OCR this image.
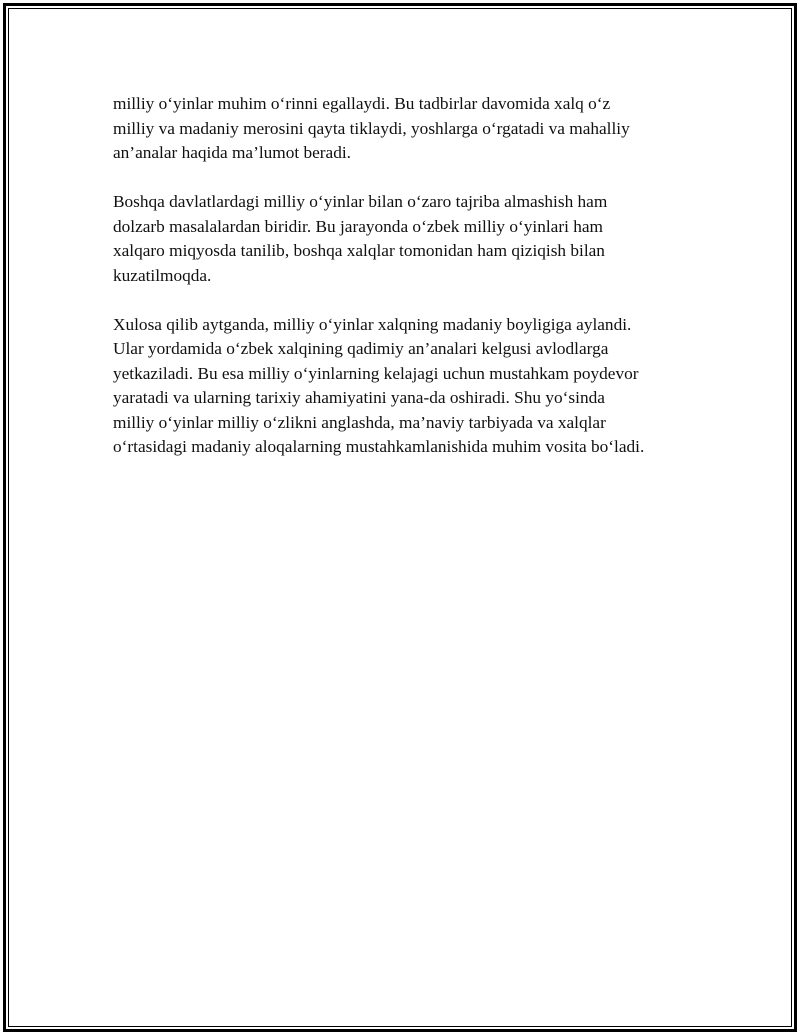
milliy oʻyinlar muhim oʻrinni egallaydi. Bu tadbirlar davomida xalq oʻz
milliy va madaniy merosini qayta tiklaydi, yoshlarga oʻrgatadi va mahalliy
an’analar haqida ma’lumot beradi.

Boshqa davlatlardagi milliy oʻyinlar bilan oʻzaro tajriba almashish ham
dolzarb masalalardan biridir. Bu jarayonda oʻzbek milliy oʻyinlari ham
xalqaro miqyosda tanilib, boshqa xalqlar tomonidan ham qiziqish bilan
kuzatilmoqda.

Xulosa qilib aytganda, milliy oʻyinlar xalqning madaniy boyligiga aylandi.
Ular yordamida oʻzbek xalqining qadimiy an’analari kelgusi avlodlarga
yetkaziladi. Bu esa milliy oʻyinlarning kelajagi uchun mustahkam poydevor
yaratadi va ularning tarixiy ahamiyatini yana-da oshiradi. Shu yoʻsinda
milliy oʻyinlar milliy oʻzlikni anglashda, ma’naviy tarbiyada va xalqlar
oʻrtasidagi madaniy aloqalarning mustahkamlanishida muhim vosita boʻladi.
